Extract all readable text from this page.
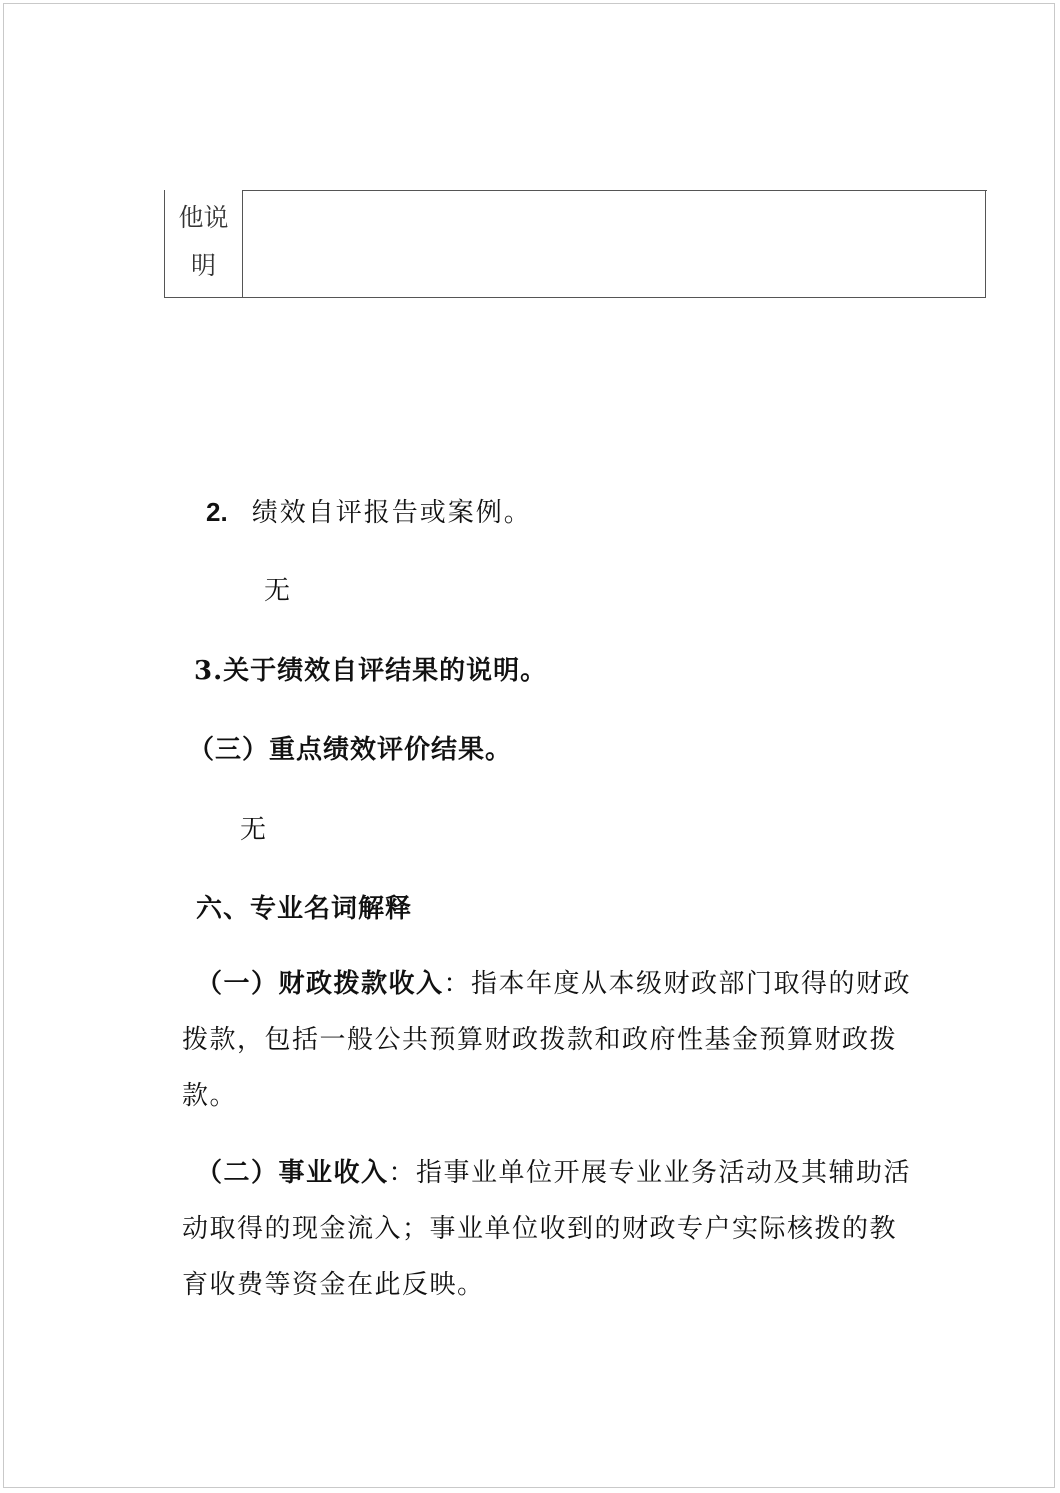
他说
明
2. 绩效自评报告或案例。
无
3.关于绩效自评结果的说明。
（三）重点绩效评价结果。
无
六、专业名词解释
（一）财政拨款收入：指本年度从本级财政部门取得的财政拨款，包括一般公共预算财政拨款和政府性基金预算财政拨款。
（二）事业收入：指事业单位开展专业业务活动及其辅助活动取得的现金流入；事业单位收到的财政专户实际核拨的教育收费等资金在此反映。
